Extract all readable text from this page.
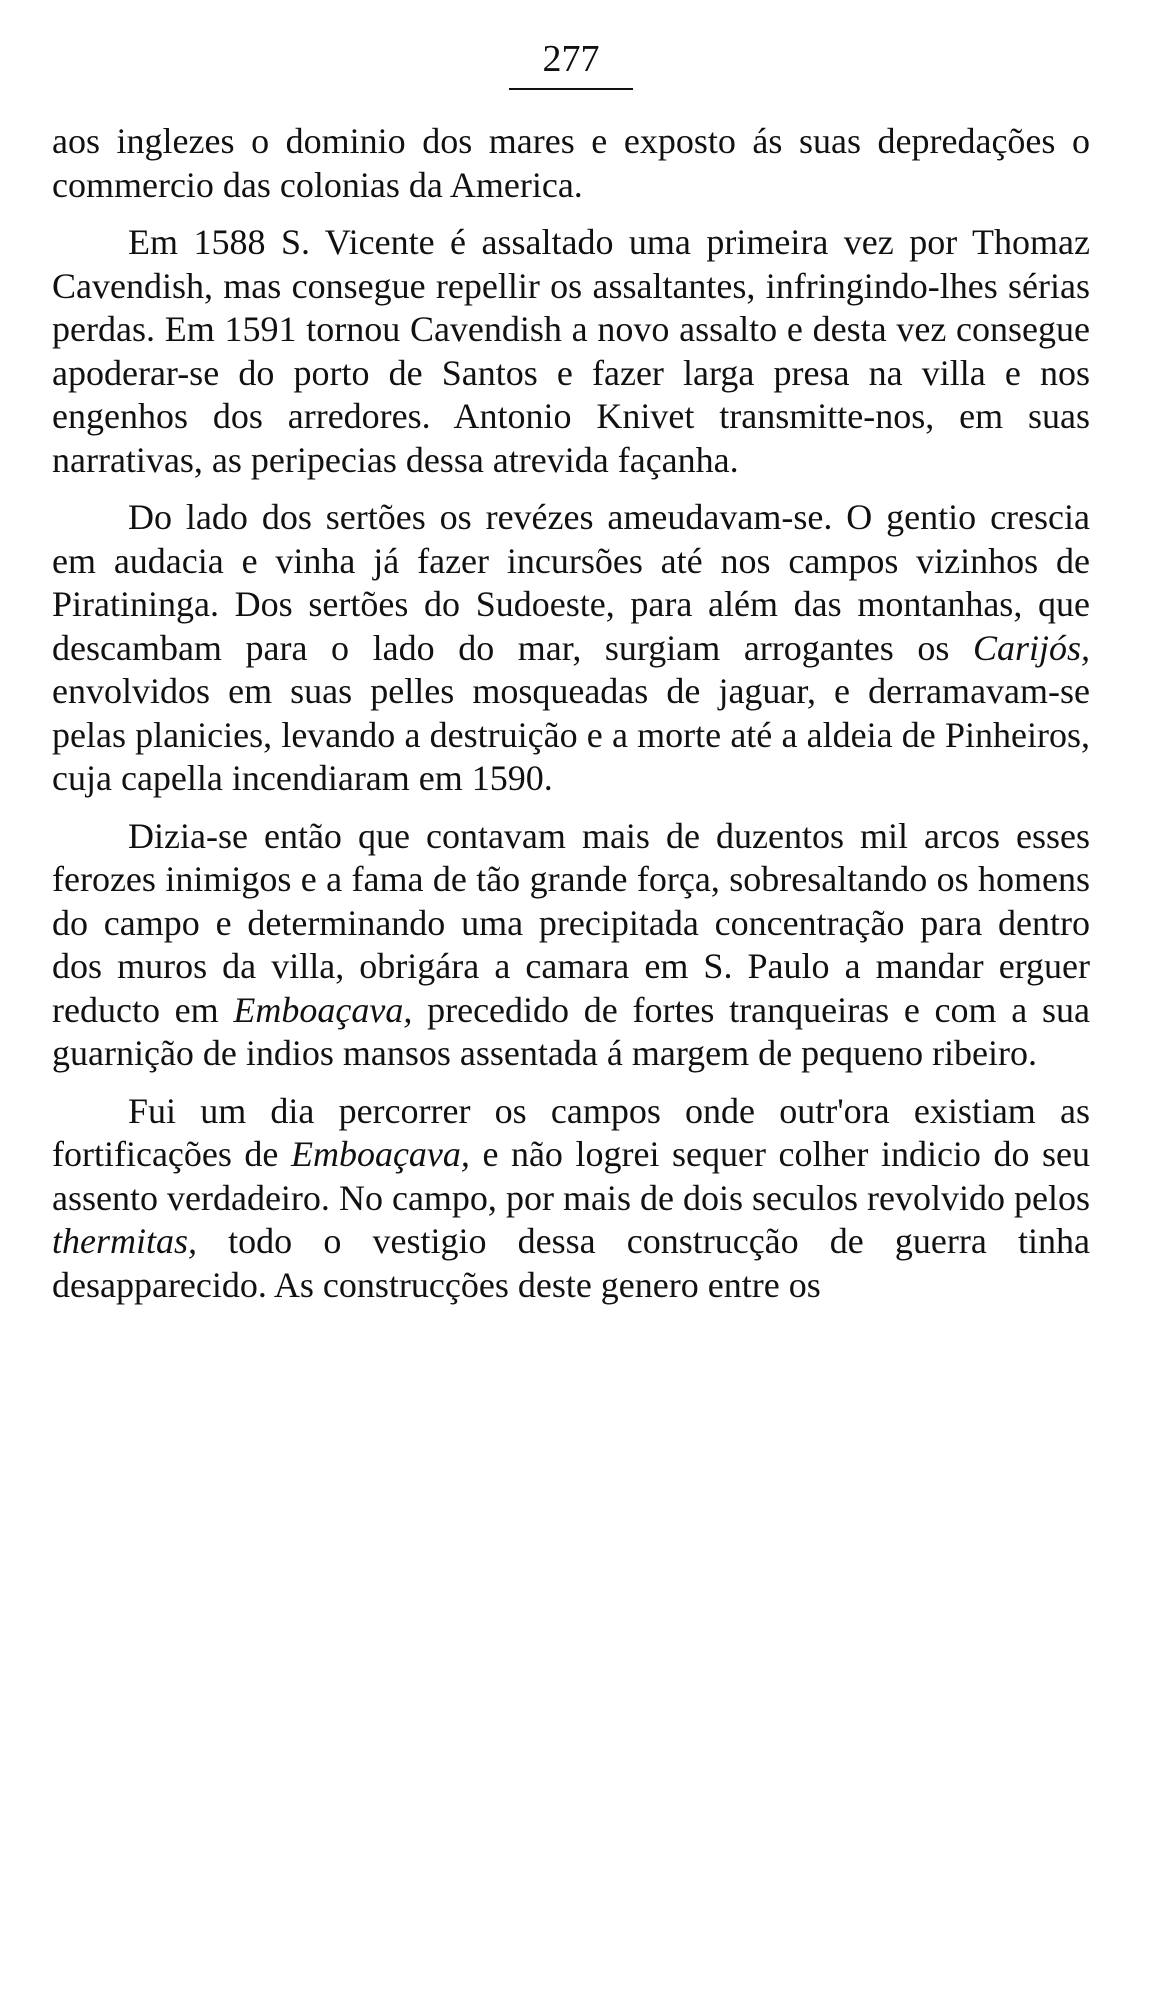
277

aos inglezes o dominio dos mares e exposto ás suas depredações o commercio das colonias da America.

Em 1588 S. Vicente é assaltado uma primeira vez por Thomaz Cavendish, mas consegue repellir os assaltantes, infringindo-lhes sérias perdas. Em 1591 tornou Cavendish a novo assalto e desta vez consegue apoderar-se do porto de Santos e fazer larga presa na villa e nos engenhos dos arredores. Antonio Knivet transmitte-nos, em suas narrativas, as peripecias dessa atrevida façanha.

Do lado dos sertões os revézes ameudavam-se. O gentio crescia em audacia e vinha já fazer incursões até nos campos vizinhos de Piratininga. Dos sertões do Sudoeste, para além das montanhas, que descambam para o lado do mar, surgiam arrogantes os Carijós, envolvidos em suas pelles mosqueadas de jaguar, e derramavam-se pelas planicies, levando a destruição e a morte até a aldeia de Pinheiros, cuja capella incendiaram em 1590.

Dizia-se então que contavam mais de duzentos mil arcos esses ferozes inimigos e a fama de tão grande força, sobresaltando os homens do campo e determinando uma precipitada concentração para dentro dos muros da villa, obrigára a camara em S. Paulo a mandar erguer reducto em Emboaçava, precedido de fortes tranqueiras e com a sua guarnição de indios mansos assentada á margem de pequeno ribeiro.

Fui um dia percorrer os campos onde outr'ora existiam as fortificações de Emboaçava, e não logrei sequer colher indicio do seu assento verdadeiro. No campo, por mais de dois seculos revolvido pelos thermitas, todo o vestigio dessa construcção de guerra tinha desapparecido. As construcções deste genero entre os
